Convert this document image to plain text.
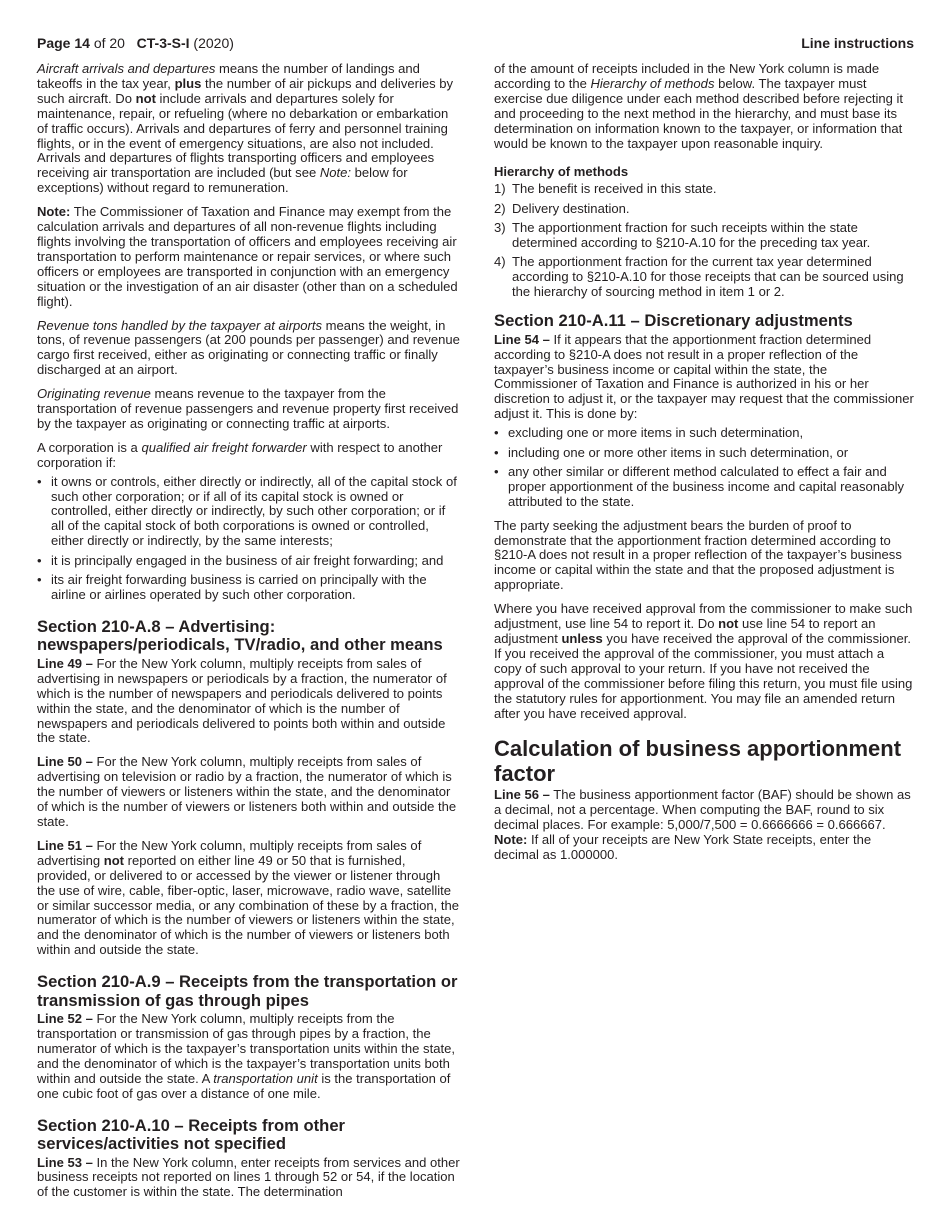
Page 14 of 20 CT-3-S-I (2020)	Line instructions

Aircraft arrivals and departures means the number of landings and takeoffs in the tax year, plus the number of air pickups and deliveries by such aircraft. Do not include arrivals and departures solely for maintenance, repair, or refueling (where no debarkation or embarkation of traffic occurs). Arrivals and departures of ferry and personnel training flights, or in the event of emergency situations, are also not included. Arrivals and departures of flights transporting officers and employees receiving air transportation are included (but see Note: below for exceptions) without regard to remuneration.

Note: The Commissioner of Taxation and Finance may exempt from the calculation arrivals and departures of all non-revenue flights including flights involving the transportation of officers and employees receiving air transportation to perform maintenance or repair services, or where such officers or employees are transported in conjunction with an emergency situation or the investigation of an air disaster (other than on a scheduled flight).

Revenue tons handled by the taxpayer at airports means the weight, in tons, of revenue passengers (at 200 pounds per passenger) and revenue cargo first received, either as originating or connecting traffic or finally discharged at an airport.

Originating revenue means revenue to the taxpayer from the transportation of revenue passengers and revenue property first received by the taxpayer as originating or connecting traffic at airports.

A corporation is a qualified air freight forwarder with respect to another corporation if:

• it owns or controls, either directly or indirectly, all of the capital stock of such other corporation; or if all of its capital stock is owned or controlled, either directly or indirectly, by such other corporation; or if all of the capital stock of both corporations is owned or controlled, either directly or indirectly, by the same interests;
• it is principally engaged in the business of air freight forwarding; and
• its air freight forwarding business is carried on principally with the airline or airlines operated by such other corporation.
Section 210-A.8 – Advertising: newspapers/periodicals, TV/radio, and other means

Line 49 – For the New York column, multiply receipts from sales of advertising in newspapers or periodicals by a fraction, the numerator of which is the number of newspapers and periodicals delivered to points within the state, and the denominator of which is the number of newspapers and periodicals delivered to points both within and outside the state.

Line 50 – For the New York column, multiply receipts from sales of advertising on television or radio by a fraction, the numerator of which is the number of viewers or listeners within the state, and the denominator of which is the number of viewers or listeners both within and outside the state.

Line 51 – For the New York column, multiply receipts from sales of advertising not reported on either line 49 or 50 that is furnished, provided, or delivered to or accessed by the viewer or listener through the use of wire, cable, fiber-optic, laser, microwave, radio wave, satellite or similar successor media, or any combination of these by a fraction, the numerator of which is the number of viewers or listeners within the state, and the denominator of which is the number of viewers or listeners both within and outside the state.

Section 210-A.9 – Receipts from the transportation or transmission of gas through pipes

Line 52 – For the New York column, multiply receipts from the transportation or transmission of gas through pipes by a fraction, the numerator of which is the taxpayer’s transportation units within the state, and the denominator of which is the taxpayer’s transportation units both within and outside the state. A transportation unit is the transportation of one cubic foot of gas over a distance of one mile.

Section 210-A.10 – Receipts from other services/activities not specified

Line 53 – In the New York column, enter receipts from services and other business receipts not reported on lines 1 through 52 or 54, if the location of the customer is within the state. The determination

of the amount of receipts included in the New York column is made according to the Hierarchy of methods below. The taxpayer must exercise due diligence under each method described before rejecting it and proceeding to the next method in the hierarchy, and must base its determination on information known to the taxpayer, or information that would be known to the taxpayer upon reasonable inquiry.

Hierarchy of methods
1) The benefit is received in this state.
2) Delivery destination.
3) The apportionment fraction for such receipts within the state determined according to §210-A.10 for the preceding tax year.
4) The apportionment fraction for the current tax year determined according to §210-A.10 for those receipts that can be sourced using the hierarchy of sourcing method in item 1 or 2.
Section 210-A.11 – Discretionary adjustments

Line 54 – If it appears that the apportionment fraction determined according to §210-A does not result in a proper reflection of the taxpayer’s business income or capital within the state, the Commissioner of Taxation and Finance is authorized in his or her discretion to adjust it, or the taxpayer may request that the commissioner adjust it. This is done by:

• excluding one or more items in such determination,
• including one or more other items in such determination, or
• any other similar or different method calculated to effect a fair and proper apportionment of the business income and capital reasonably attributed to the state.

The party seeking the adjustment bears the burden of proof to demonstrate that the apportionment fraction determined according to §210-A does not result in a proper reflection of the taxpayer’s business income or capital within the state and that the proposed adjustment is appropriate.

Where you have received approval from the commissioner to make such adjustment, use line 54 to report it. Do not use line 54 to report an adjustment unless you have received the approval of the commissioner. If you received the approval of the commissioner, you must attach a copy of such approval to your return. If you have not received the approval of the commissioner before filing this return, you must file using the statutory rules for apportionment. You may file an amended return after you have received approval.

Calculation of business apportionment factor

Line 56 – The business apportionment factor (BAF) should be shown as a decimal, not a percentage. When computing the BAF, round to six decimal places. For example: 5,000/7,500 = 0.6666666 = 0.666667.
Note: If all of your receipts are New York State receipts, enter the decimal as 1.000000.
